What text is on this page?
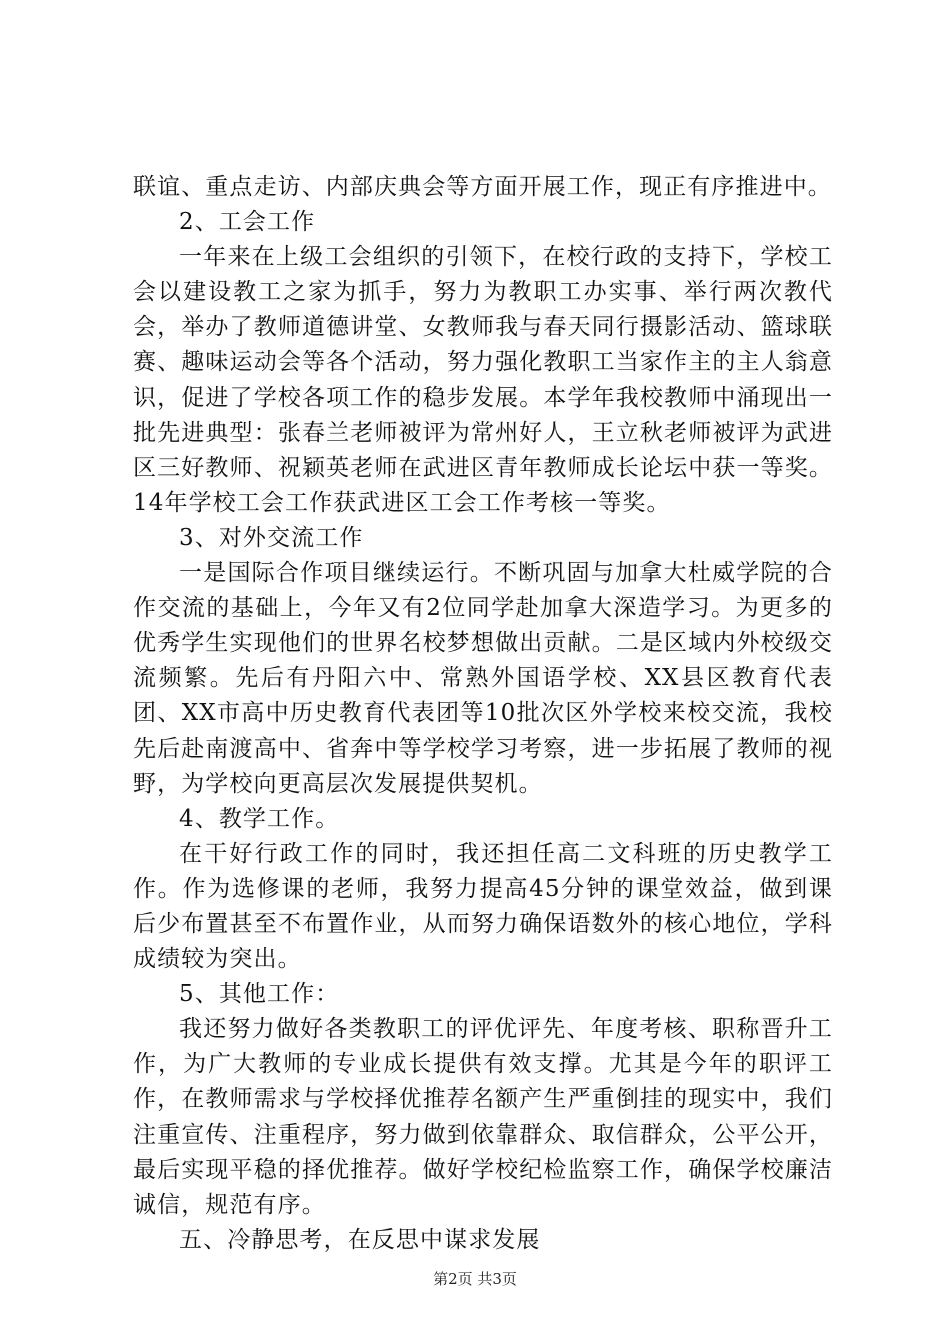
联谊、重点走访、内部庆典会等方面开展工作，现正有序推进中。

2、工会工作

一年来在上级工会组织的引领下，在校行政的支持下，学校工会以建设教工之家为抓手，努力为教职工办实事、举行两次教代会，举办了教师道德讲堂、女教师我与春天同行摄影活动、篮球联赛、趣味运动会等各个活动，努力强化教职工当家作主的主人翁意识，促进了学校各项工作的稳步发展。本学年我校教师中涌现出一批先进典型：张春兰老师被评为常州好人，王立秋老师被评为武进区三好教师、祝颖英老师在武进区青年教师成长论坛中获一等奖。14年学校工会工作获武进区工会工作考核一等奖。

3、对外交流工作

一是国际合作项目继续运行。不断巩固与加拿大杜威学院的合作交流的基础上，今年又有2位同学赴加拿大深造学习。为更多的优秀学生实现他们的世界名校梦想做出贡献。二是区域内外校级交流频繁。先后有丹阳六中、常熟外国语学校、XX县区教育代表团、XX市高中历史教育代表团等10批次区外学校来校交流，我校先后赴南渡高中、省奔中等学校学习考察，进一步拓展了教师的视野，为学校向更高层次发展提供契机。

4、教学工作。

在干好行政工作的同时，我还担任高二文科班的历史教学工作。作为选修课的老师，我努力提高45分钟的课堂效益，做到课后少布置甚至不布置作业，从而努力确保语数外的核心地位，学科成绩较为突出。

5、其他工作：

我还努力做好各类教职工的评优评先、年度考核、职称晋升工作，为广大教师的专业成长提供有效支撑。尤其是今年的职评工作，在教师需求与学校择优推荐名额产生严重倒挂的现实中，我们注重宣传、注重程序，努力做到依靠群众、取信群众，公平公开，最后实现平稳的择优推荐。做好学校纪检监察工作，确保学校廉洁诚信，规范有序。

五、冷静思考，在反思中谋求发展

第2页 共3页
